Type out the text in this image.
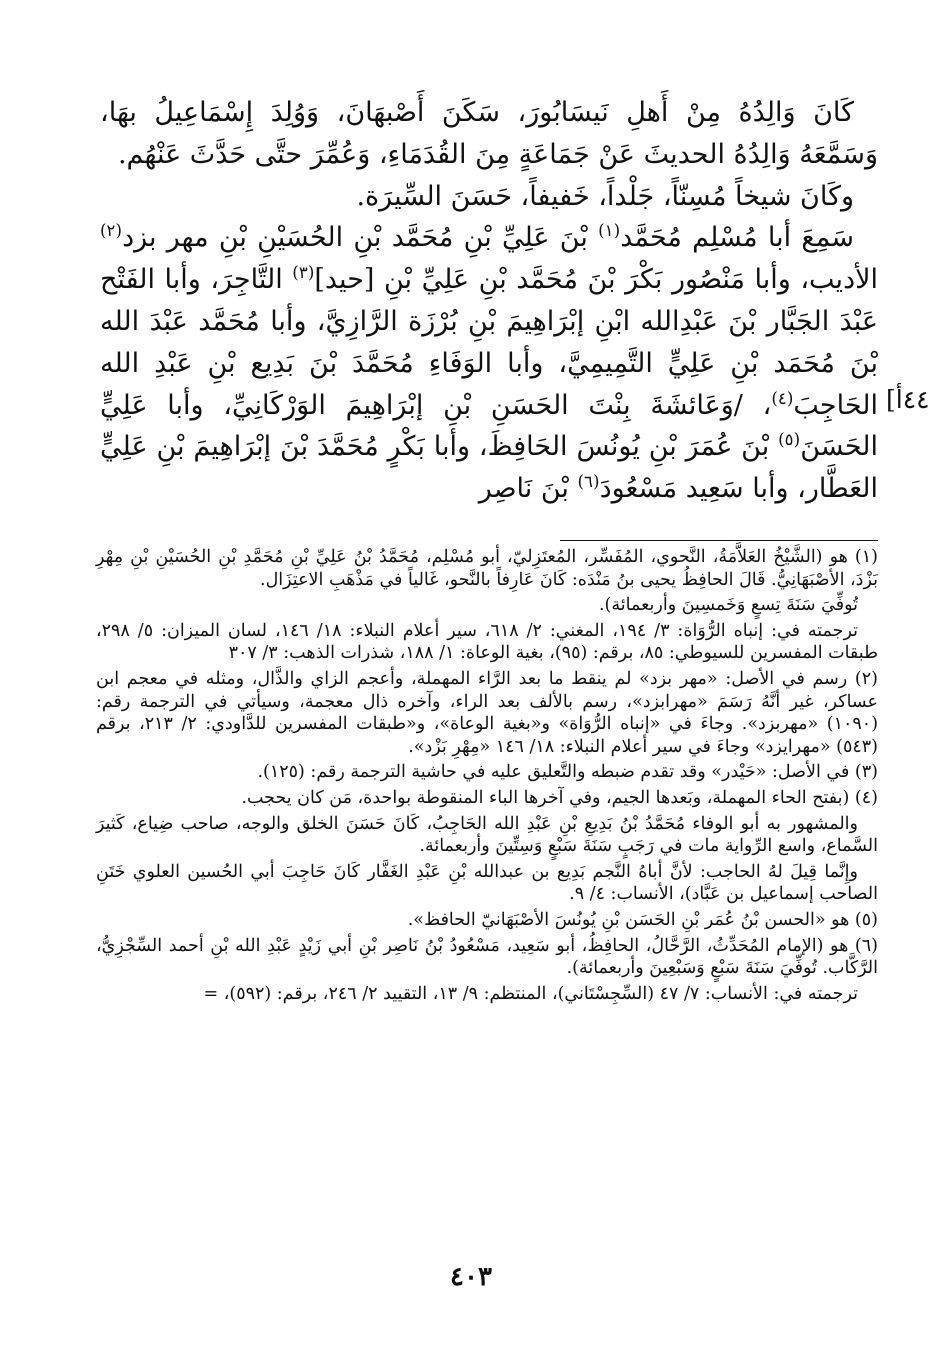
كَانَ وَالِدُهُ مِنْ أَهلِ نَيسَابُورَ، سَكَنَ أَصْبهَانَ، وَوُلِدَ إِسْمَاعِيلُ بهَا، وَسَمَّعَهُ وَالِدُهُ الحديثَ عَنْ جَمَاعَةٍ مِنَ القُدَمَاءِ، وَعُمِّرَ حتَّى حَدَّثَ عَنْهُم.

وكَانَ شيخاً مُسِنّاً، جَلْداً، خَفيفاً، حَسَنَ السِّيرَة.

سَمِعَ أبا مُسْلِم مُحَمَّد$^{(١)}$ بْنَ عَلِيِّ بْنِ مُحَمَّد بْنِ الحُسَيْنِ بْنِ مهر بزد$^{(٢)}$ الأديب، وأبا مَنْصُور بَكْرَ بْنَ مُحَمَّد بْنِ عَلِيِّ بْنِ [حيد]$^{(٣)}$ التَّاجِرَ، وأبا الفَتْح عَبْدَ الجَبَّار بْنَ عَبْدِالله ابْنِ إبْرَاهِيمَ بْنِ بُرْزَة الرَّازِيَّ، وأبا مُحَمَّد عَبْدَ الله بْنَ مُحَمَد بْنِ عَلِيٍّ التَّمِيمِيَّ، وأبا الوَفَاءِ مُحَمَّدَ بْنَ بَدِيع بْنِ عَبْدِ الله الحَاجِبَ$^{(٤)}$، /وَعَائشَةَ بِنْتَ الحَسَنِ بْنِ إبْرَاهِيمَ الوَرْكَانِيِّ، وأبا عَلِيٍّ الحَسَنَ$^{(٥)}$ بْنَ عُمَرَ بْنِ يُونُسَ الحَافِظَ، وأبا بَكْرٍ مُحَمَّدَ بْنَ إبْرَاهِيمَ بْنِ عَلِيٍّ العَطَّار، وأبا سَعِيد مَسْعُودَ$^{(٦)}$ بْنَ نَاصِر

٤٤أ]

(١) هو (الشَّيْخُ العَلاَّمَةُ، النَّحوي، المُفَسِّر، المُعتَزِليّ، أبو مُسْلِم، مُحَمَّدُ بْنُ عَلِيِّ بْنِ مُحَمَّدِ بْنِ الحُسَيْنِ بْنِ مِهْرِ بَزْدَ، الأصْبَهَانِيُّ. قَالَ الحافِظُ يحيى بنُ مَنْدَه: كَانَ عَارِفاً بالنَّحو، غَالياً في مَذْهَبِ الاعتِزَال.

تُوفِّيَ سَنَةَ تِسعٍ وَخَمسِينَ وأربعمائة).

ترجمته في: إنباه الرُّوَاة: ٣/ ١٩٤، المغني: ٢/ ٦١٨، سير أعلام النبلاء: ١٨/ ١٤٦، لسان الميزان: ٥/ ٢٩٨، طبقات المفسرين للسيوطي: ٨٥، برقم: (٩٥)، بغية الوعاة: ١/ ١٨٨، شذرات الذهب: ٣/ ٣٠٧

(٢) رسم في الأصل: «مهر بزد» لم ينقط ما بعد الرَّاء المهملة، وأعجم الزاي والذَّال، ومثله في معجم ابن عساكر، غير أنَّهُ رَسَمَ «مهرابزد»، رسم بالألف بعد الراء، وآخره ذال معجمة، وسيأتي في الترجمة رقم: (١٠٩٠) «مهربزد». وجاءَ في «إنباه الرُّوَاة» و«بغية الوعاة»، و«طبقات المفسرين للدَّاودي: ٢/ ٢١٣، برقم (٥٤٣) «مهرايزد» وجاءَ في سير أعلام النبلاء: ١٨/ ١٤٦ «مِهْرِ بَزْد».

(٣) في الأصل: «حَيْدر» وقد تقدم ضبطه والتَّعليق عليه في حاشية الترجمة رقم: (١٢٥).

(٤) (بفتح الحاء المهملة، وبَعدها الجيم، وفي آخرها الباء المنقوطة بواحدة، مَن كان يحجب.

والمشهور به أبو الوفاء مُحَمَّدُ بْنُ بَدِيعِ بْنِ عَبْدِ الله الحَاجِبُ، كَانَ حَسَنَ الخلق والوجه، صاحب ضِياع، كَثيرَ السَّماع، واسع الرِّواية مات في رَجَبٍ سَنَةَ سَبْعٍ وَسِتِّينَ وأربعمائة.

وإِنَّما قِيلَ لهُ الحاجب: لأنَّ أباهُ النَّجم بَدِيع بن عبدالله بْنِ عَبْدِ الغَفَّار كَانَ حَاجِبَ أبي الحُسين العلوي خَتَنِ الصاحب إسماعيل بن عَبَّاد)، الأنساب: ٤/ ٩.

(٥) هو «الحسن بْنُ عُمَر بْنِ الحَسَن بْنِ يُونُسَ الأصْبَهَانيّ الحافظ».

(٦) هو (الإمام المُحَدِّثُ، الرَّحَّالُ، الحافِظُ، أبو سَعِيد، مَسْعُودُ بْنُ نَاصِر بْنِ أبي زَيْدٍ عَبْدِ الله بْنِ أحمد السِّجْزِيُّ، الرَّكَّاب. تُوفِّيَ سَنَةَ سَبْعٍ وَسَبْعِينَ وأربعمائة).

ترجمته في: الأنساب: ٧/ ٤٧ (السِّجِسْتَاني)، المنتظم: ٩/ ١٣، التقييد ٢/ ٢٤٦، برقم: (٥٩٢)، =

٤٠٣
